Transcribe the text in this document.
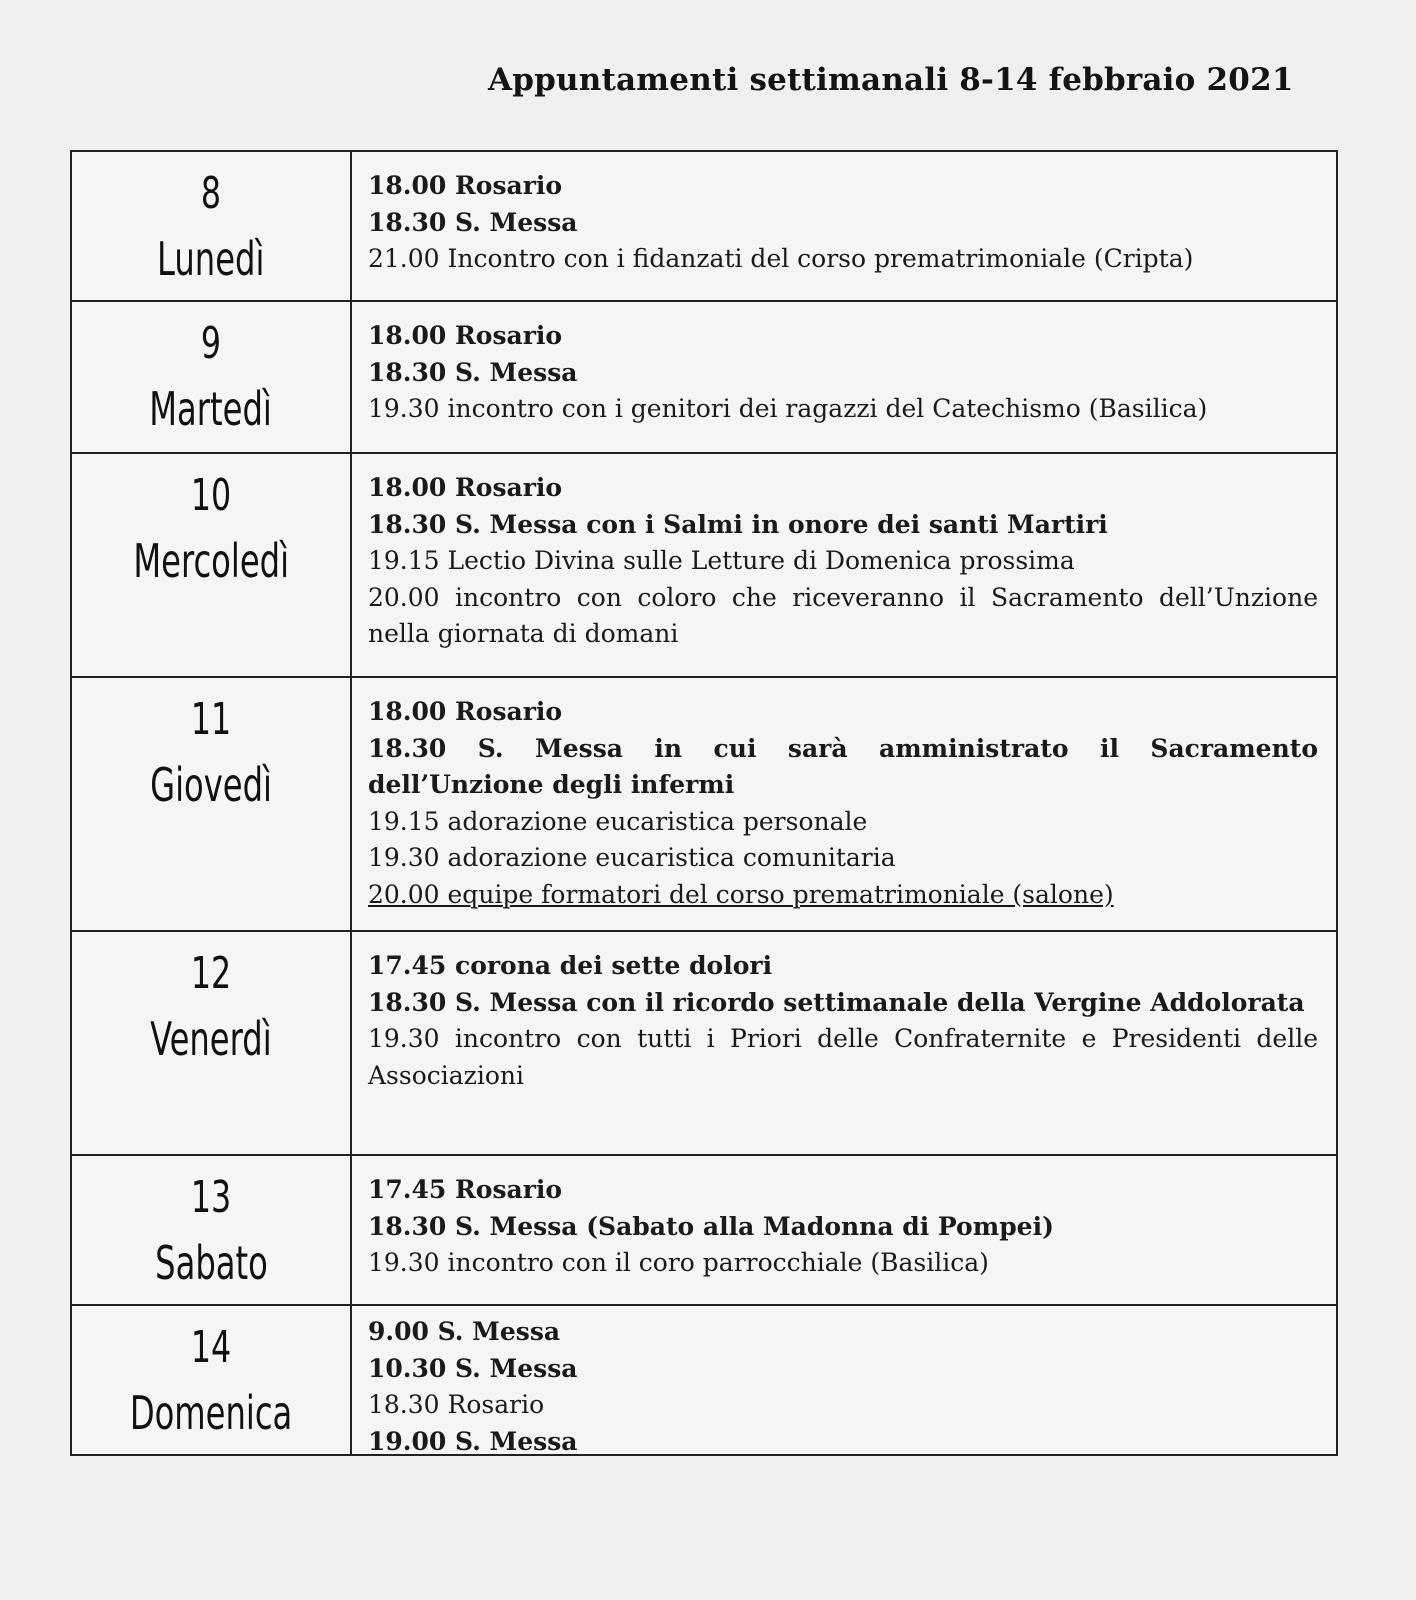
Appuntamenti settimanali 8-14 febbraio 2021
8
Lunedì
18.00 Rosario
18.30 S. Messa
21.00 Incontro con i fidanzati del corso prematrimoniale (Cripta)
9
Martedì
18.00 Rosario
18.30 S. Messa
19.30 incontro con i genitori dei ragazzi del Catechismo (Basilica)
10
Mercoledì
18.00 Rosario
18.30 S. Messa con i Salmi in onore dei santi Martiri
19.15 Lectio Divina sulle Letture di Domenica prossima
20.00 incontro con coloro che riceveranno il Sacramento dell’Unzione nella giornata di domani
11
Giovedì
18.00 Rosario
18.30 S. Messa in cui sarà amministrato il Sacramento dell’Unzione degli infermi
19.15 adorazione eucaristica personale
19.30 adorazione eucaristica comunitaria
20.00 equipe formatori del corso prematrimoniale (salone)
12
Venerdì
17.45 corona dei sette dolori
18.30 S. Messa con il ricordo settimanale della Vergine Addolorata
19.30 incontro con tutti i Priori delle Confraternite e Presidenti delle Associazioni
13
Sabato
17.45 Rosario
18.30 S. Messa (Sabato alla Madonna di Pompei)
19.30 incontro con il coro parrocchiale (Basilica)
14
Domenica
9.00 S. Messa
10.30 S. Messa
18.30 Rosario
19.00 S. Messa
